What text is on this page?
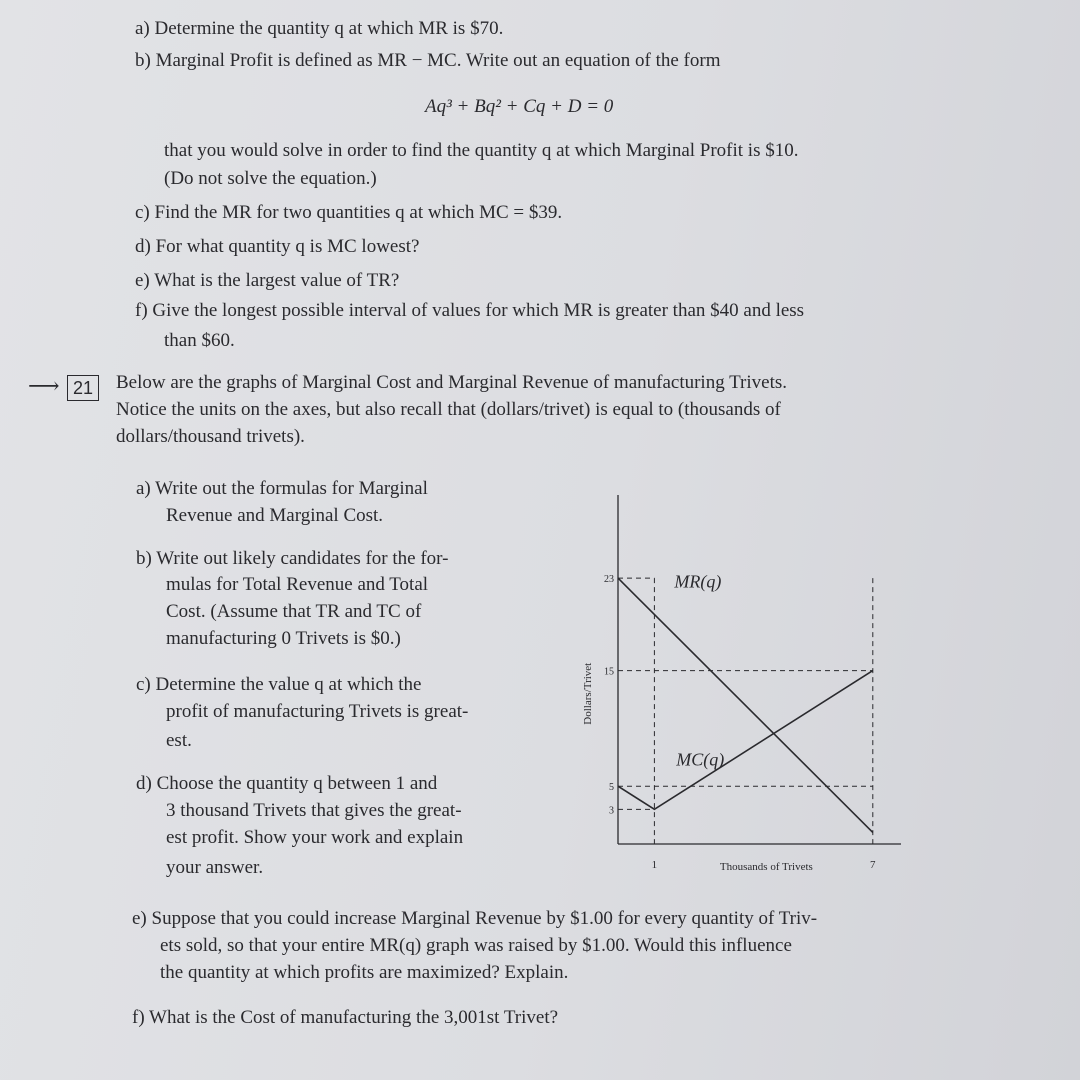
a) Determine the quantity q at which MR is $70.
b) Marginal Profit is defined as MR − MC. Write out an equation of the form
Aq³ + Bq² + Cq + D = 0
that you would solve in order to find the quantity q at which Marginal Profit is $10.
(Do not solve the equation.)
c) Find the MR for two quantities q at which MC = $39.
d) For what quantity q is MC lowest?
e) What is the largest value of TR?
f) Give the longest possible interval of values for which MR is greater than $40 and less
than $60.
⟶ 21	Below are the graphs of Marginal Cost and Marginal Revenue of manufacturing Trivets.
Notice the units on the axes, but also recall that (dollars/trivet) is equal to (thousands of
dollars/thousand trivets).
a) Write out the formulas for Marginal
Revenue and Marginal Cost.
b) Write out likely candidates for the for-
mulas for Total Revenue and Total
Cost. (Assume that TR and TC of
manufacturing 0 Trivets is $0.)
c) Determine the value q at which the
profit of manufacturing Trivets is great-
est.
d) Choose the quantity q between 1 and
3 thousand Trivets that gives the great-
est profit. Show your work and explain
your answer.
3
5
15
23
1	7
MR(q)
MC(q)
Thousands of Trivets
Dollars/Trivet
e) Suppose that you could increase Marginal Revenue by $1.00 for every quantity of Triv-
ets sold, so that your entire MR(q) graph was raised by $1.00. Would this influence
the quantity at which profits are maximized? Explain.
f) What is the Cost of manufacturing the 3,001st Trivet?
